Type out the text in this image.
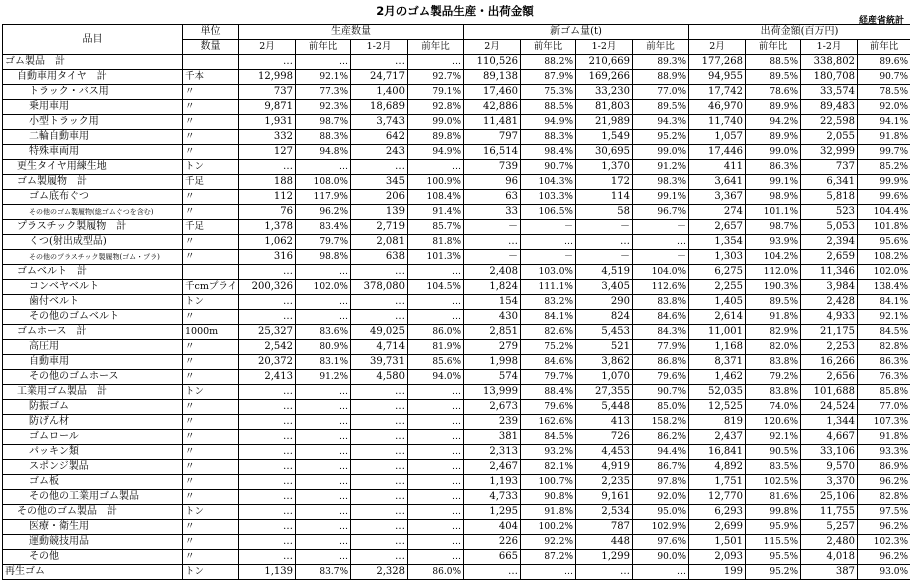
2月のゴム製品生産・出荷金額
経産省統計
品目	単位	生産数量				新ゴム量(t)				出荷金額(百万円)			
	数量	2月	前年比	1-2月	前年比	2月	前年比	1-2月	前年比	2月	前年比	1-2月	前年比
ゴム製品　計		…	…	…	…	110,526	88.2%	210,669	89.3%	177,268	88.5%	338,802	89.6%
自動車用タイヤ　計	千本	12,998	92.1%	24,717	92.7%	89,138	87.9%	169,266	88.9%	94,955	89.5%	180,708	90.7%
トラック・バス用	〃	737	77.3%	1,400	79.1%	17,460	75.3%	33,230	77.0%	17,742	78.6%	33,574	78.5%
乗用車用	〃	9,871	92.3%	18,689	92.8%	42,886	88.5%	81,803	89.5%	46,970	89.9%	89,483	92.0%
小型トラック用	〃	1,931	98.7%	3,743	99.0%	11,481	94.9%	21,989	94.3%	11,740	94.2%	22,598	94.1%
二輪自動車用	〃	332	88.3%	642	89.8%	797	88.3%	1,549	95.2%	1,057	89.9%	2,055	91.8%
特殊車両用	〃	127	94.8%	243	94.9%	16,514	98.4%	30,695	99.0%	17,446	99.0%	32,999	99.7%
更生タイヤ用練生地	トン	…	…	…	…	739	90.7%	1,370	91.2%	411	86.3%	737	85.2%
ゴム製履物　計	千足	188	108.0%	345	100.9%	96	104.3%	172	98.3%	3,641	99.1%	6,341	99.9%
ゴム底布ぐつ	〃	112	117.9%	206	108.4%	63	103.3%	114	99.1%	3,367	98.9%	5,818	99.6%
その他のゴム製履物(総ゴムぐつを含む)	〃	76	96.2%	139	91.4%	33	106.5%	58	96.7%	274	101.1%	523	104.4%
プラスチック製履物　計	千足	1,378	83.4%	2,719	85.7%	－	－	－	－	2,657	98.7%	5,053	101.8%
くつ(射出成型品)	〃	1,062	79.7%	2,081	81.8%	…	…	…	…	1,354	93.9%	2,394	95.6%
その他のプラスチック製履物(ゴム・プラ)	〃	316	98.8%	638	101.3%	－	－	－	－	1,303	104.2%	2,659	108.2%
ゴムベルト　計		…	…	…	…	2,408	103.0%	4,519	104.0%	6,275	112.0%	11,346	102.0%
コンベヤベルト	千cmプライ	200,326	102.0%	378,080	104.5%	1,824	111.1%	3,405	112.6%	2,255	190.3%	3,984	138.4%
歯付ベルト	トン	…	…	…	…	154	83.2%	290	83.8%	1,405	89.5%	2,428	84.1%
その他のゴムベルト	〃	…	…	…	…	430	84.1%	824	84.6%	2,614	91.8%	4,933	92.1%
ゴムホース　計	1000m	25,327	83.6%	49,025	86.0%	2,851	82.6%	5,453	84.3%	11,001	82.9%	21,175	84.5%
高圧用	〃	2,542	80.9%	4,714	81.9%	279	75.2%	521	77.9%	1,168	82.0%	2,253	82.8%
自動車用	〃	20,372	83.1%	39,731	85.6%	1,998	84.6%	3,862	86.8%	8,371	83.8%	16,266	86.3%
その他のゴムホース	〃	2,413	91.2%	4,580	94.0%	574	79.7%	1,070	79.6%	1,462	79.2%	2,656	76.3%
工業用ゴム製品　計	トン	…	…	…	…	13,999	88.4%	27,355	90.7%	52,035	83.8%	101,688	85.8%
防振ゴム	〃	…	…	…	…	2,673	79.6%	5,448	85.0%	12,525	74.0%	24,524	77.0%
防げん材	〃	…	…	…	…	239	162.6%	413	158.2%	819	120.6%	1,344	107.3%
ゴムロール	〃	…	…	…	…	381	84.5%	726	86.2%	2,437	92.1%	4,667	91.8%
パッキン類	〃	…	…	…	…	2,313	93.2%	4,453	94.4%	16,841	90.5%	33,106	93.3%
スポンジ製品	〃	…	…	…	…	2,467	82.1%	4,919	86.7%	4,892	83.5%	9,570	86.9%
ゴム板	〃	…	…	…	…	1,193	100.7%	2,235	97.8%	1,751	102.5%	3,370	96.2%
その他の工業用ゴム製品	〃	…	…	…	…	4,733	90.8%	9,161	92.0%	12,770	81.6%	25,106	82.8%
その他のゴム製品　計	トン	…	…	…	…	1,295	91.8%	2,534	95.0%	6,293	99.8%	11,755	97.5%
医療・衛生用	〃	…	…	…	…	404	100.2%	787	102.9%	2,699	95.9%	5,257	96.2%
運動競技用品	〃	…	…	…	…	226	92.2%	448	97.6%	1,501	115.5%	2,480	102.3%
その他	〃	…	…	…	…	665	87.2%	1,299	90.0%	2,093	95.5%	4,018	96.2%
再生ゴム	トン	1,139	83.7%	2,328	86.0%	…	…	…	…	199	95.2%	387	93.0%
